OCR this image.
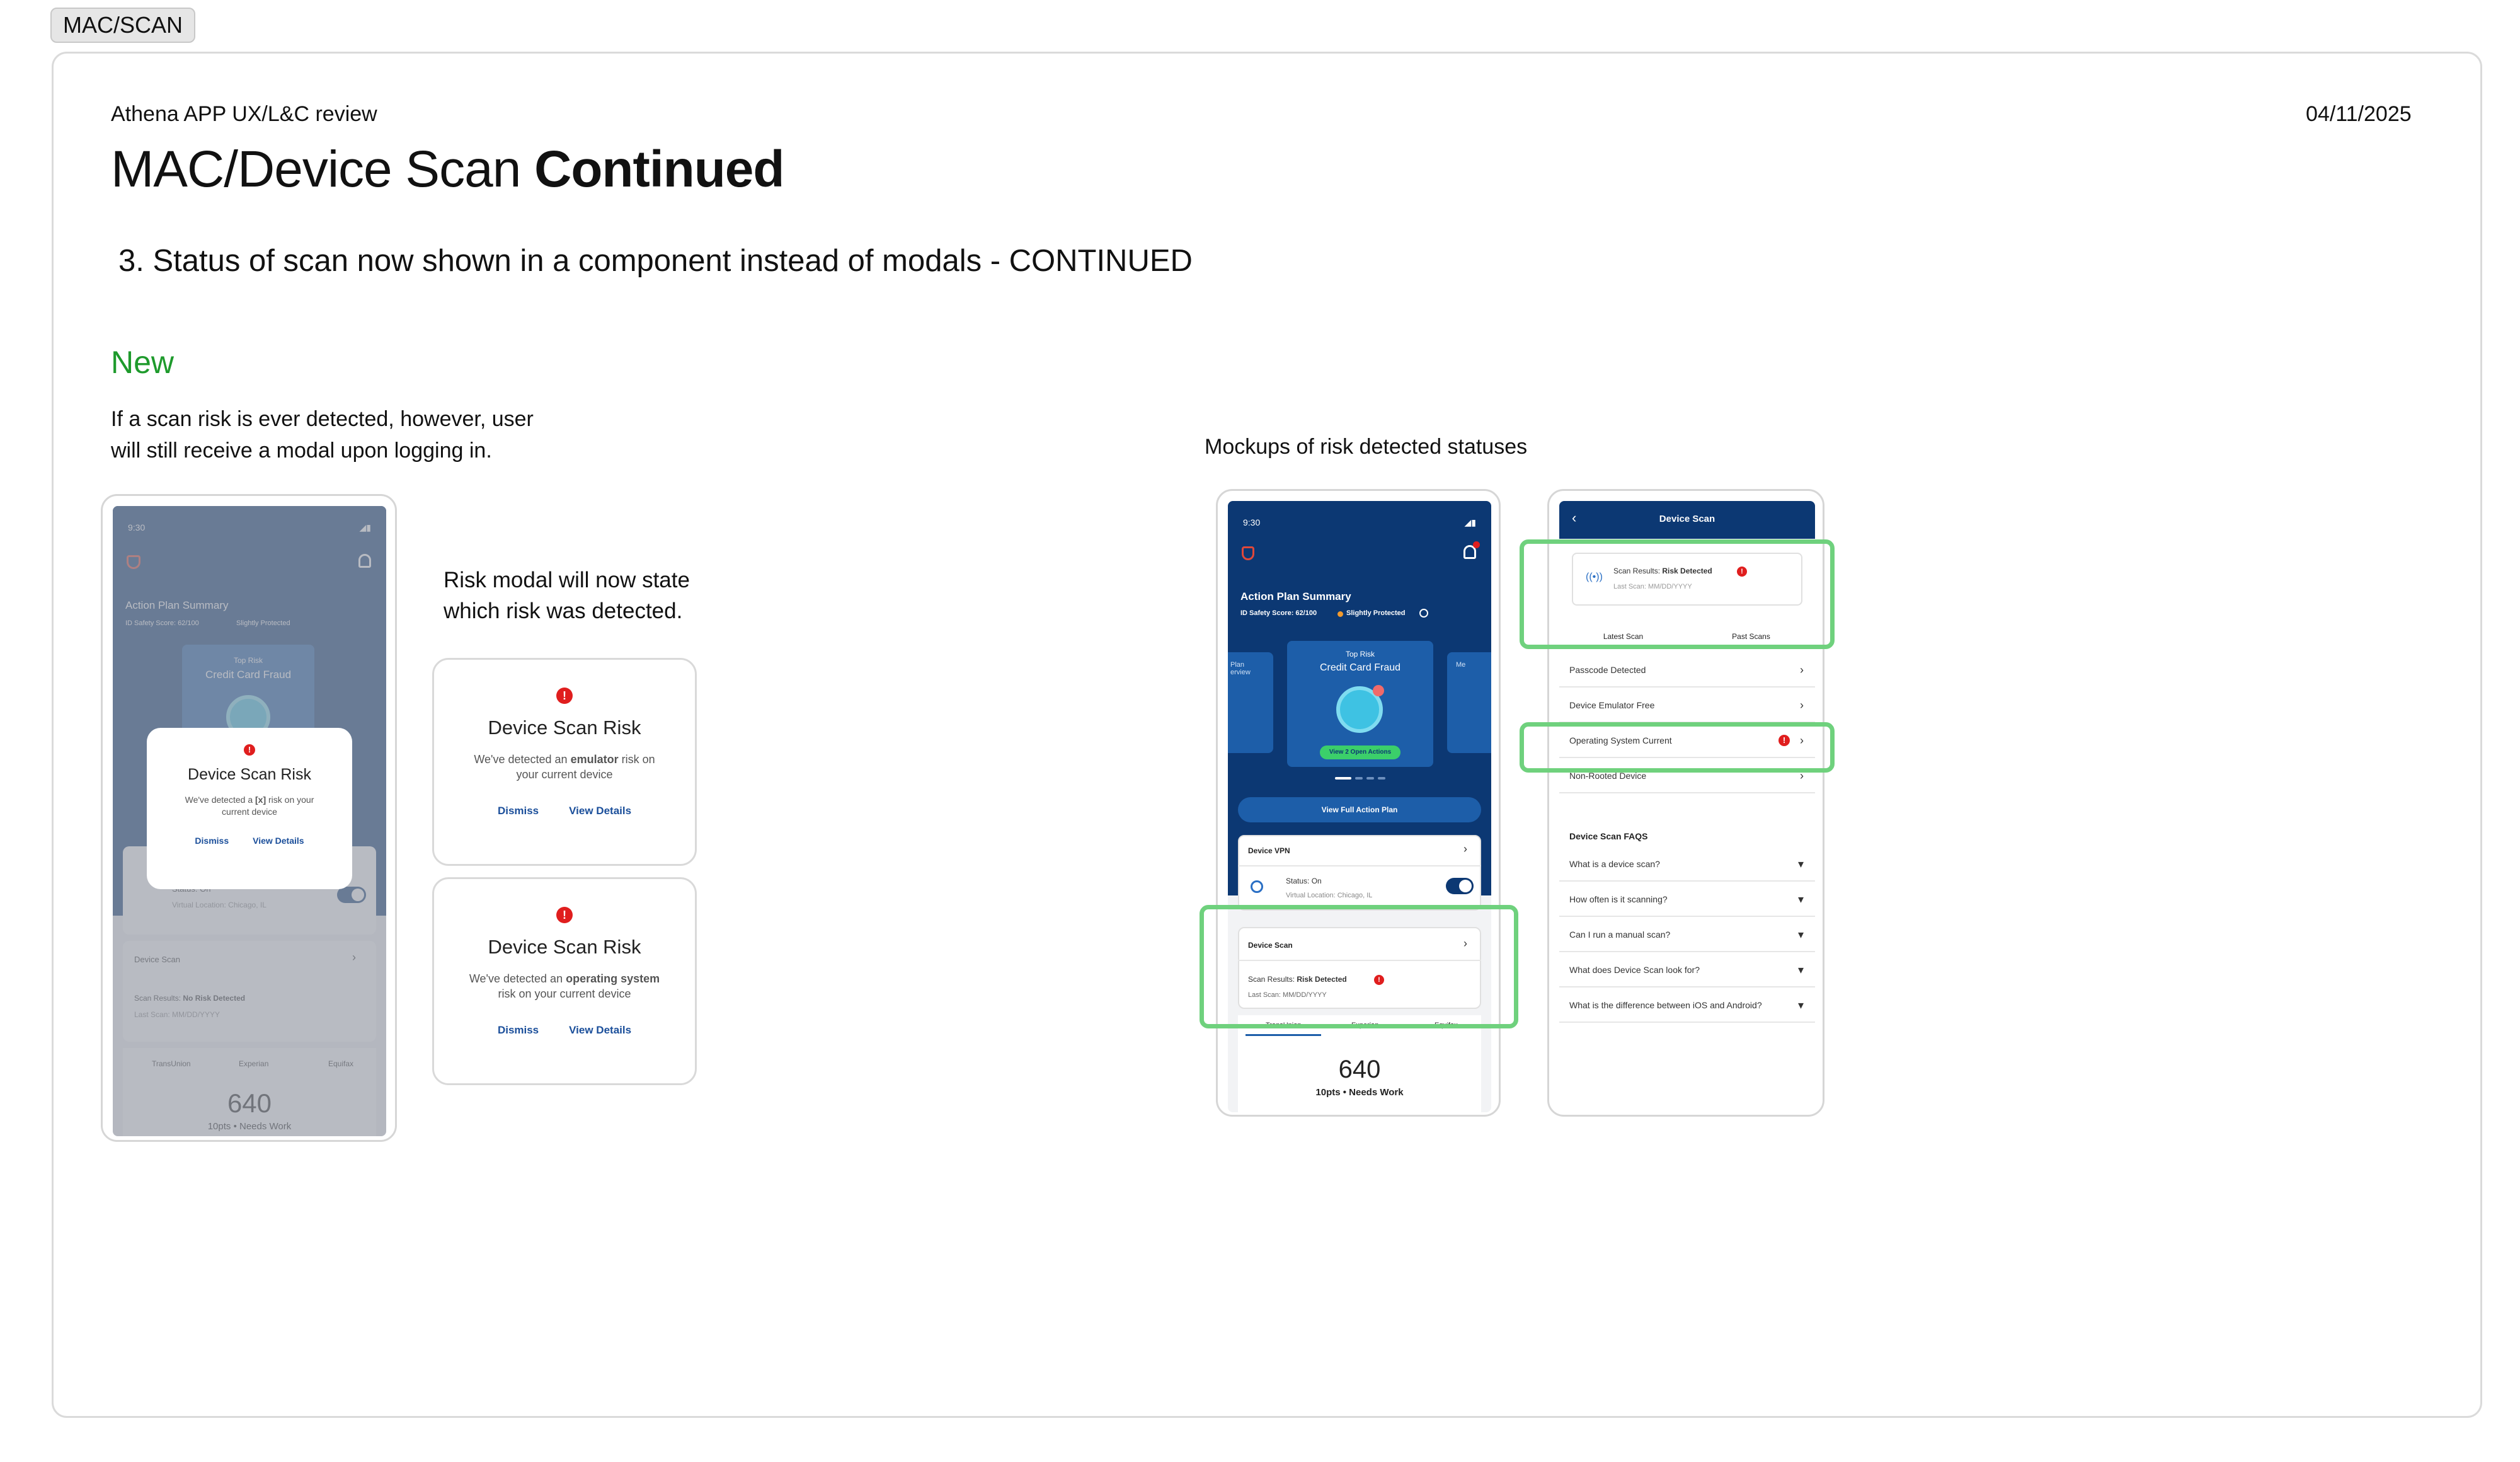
MAC/SCAN
Athena APP UX/L&C review	04/11/2025
MAC/Device Scan Continued
3. Status of scan now shown in a component instead of modals - CONTINUED
New
If a scan risk is ever detected, however, user will still receive a modal upon logging in.
Risk modal will now state which risk was detected.
Mockups of risk detected statuses
!
Device Scan Risk
We've detected a [x] risk on your current device
Dismiss	View Details
!
Device Scan Risk
We've detected an emulator risk on your current device
Dismiss	View Details
!
Device Scan Risk
We've detected an operating system risk on your current device
Dismiss	View Details
9:30	◢▮
Action Plan Summary
ID Safety Score: 62/100	Slightly Protected
Plan
erview
Me
Top Risk
Credit Card Fraud
View 2 Open Actions
View Full Action Plan
Device VPN	›
Status: On
Virtual Location: Chicago, IL
Device Scan	›
Scan Results: Risk Detected	!
Last Scan: MM/DD/YYYY
TransUnion	Experian	Equifax
640
10pts • Needs Work
‹	Device Scan
((•))
Scan Results: Risk Detected	!
Last Scan: MM/DD/YYYY
Latest Scan	Past Scans
Passcode Detected	›
Device Emulator Free	›
Operating System Current	!	›
Non-Rooted Device	›
Device Scan FAQS
What is a device scan?	▾
How often is it scanning?	▾
Can I run a manual scan?	▾
What does Device Scan look for?	▾
What is the difference between iOS and Android?	▾
